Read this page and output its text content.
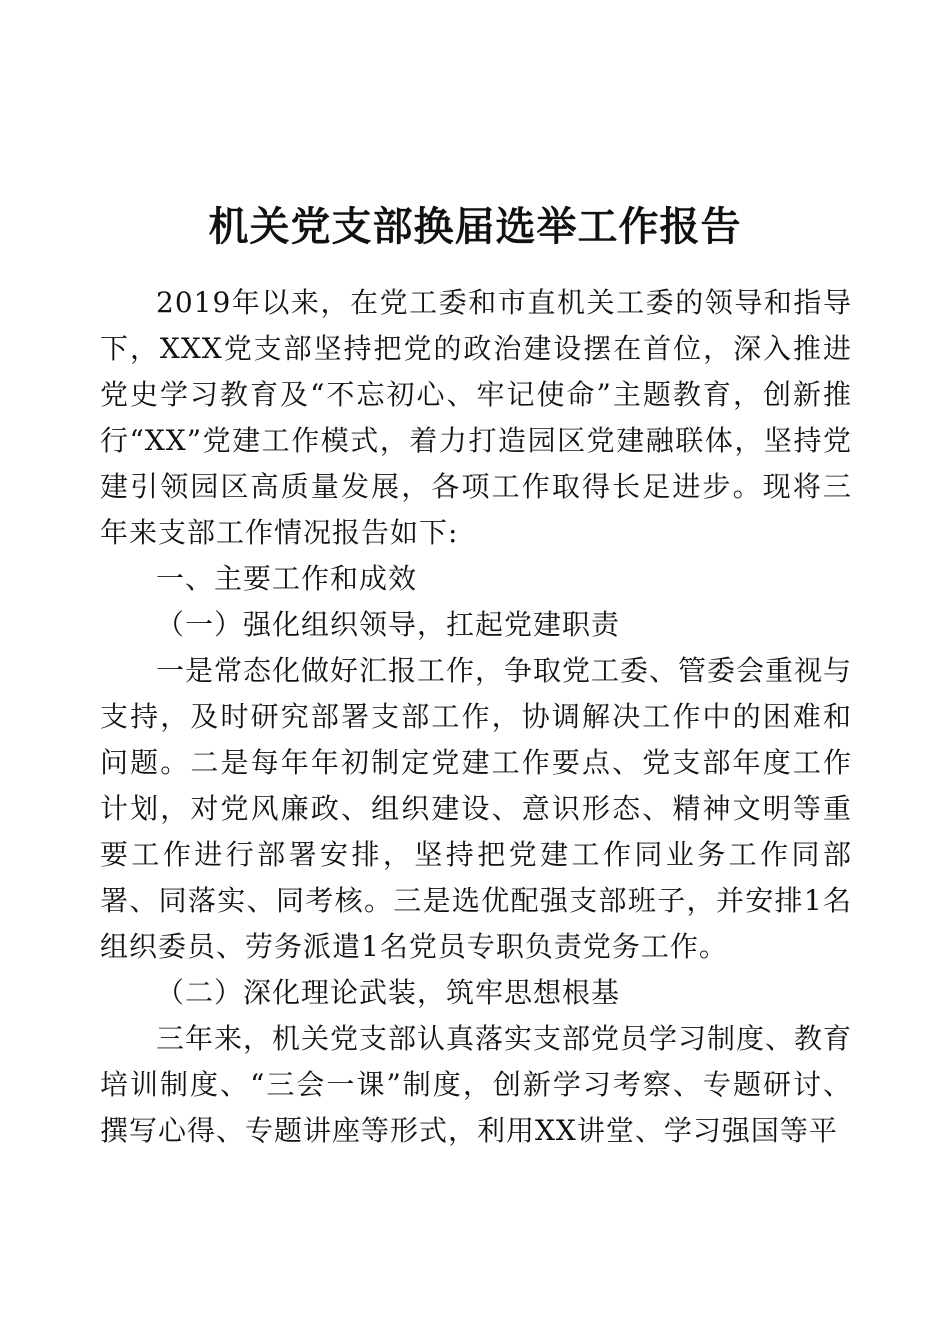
机关党支部换届选举工作报告

2019年以来，在党工委和市直机关工委的领导和指导下，XXX党支部坚持把党的政治建设摆在首位，深入推进党史学习教育及“不忘初心、牢记使命”主题教育，创新推行“XX”党建工作模式，着力打造园区党建融联体，坚持党建引领园区高质量发展，各项工作取得长足进步。现将三年来支部工作情况报告如下:

一、主要工作和成效

（一）强化组织领导，扛起党建职责

一是常态化做好汇报工作，争取党工委、管委会重视与支持，及时研究部署支部工作，协调解决工作中的困难和问题。二是每年年初制定党建工作要点、党支部年度工作计划，对党风廉政、组织建设、意识形态、精神文明等重要工作进行部署安排，坚持把党建工作同业务工作同部署、同落实、同考核。三是选优配强支部班子，并安排1名组织委员、劳务派遣1名党员专职负责党务工作。

（二）深化理论武装，筑牢思想根基

三年来，机关党支部认真落实支部党员学习制度、教育培训制度、“三会一课”制度，创新学习考察、专题研讨、撰写心得、专题讲座等形式，利用XX讲堂、学习强国等平
